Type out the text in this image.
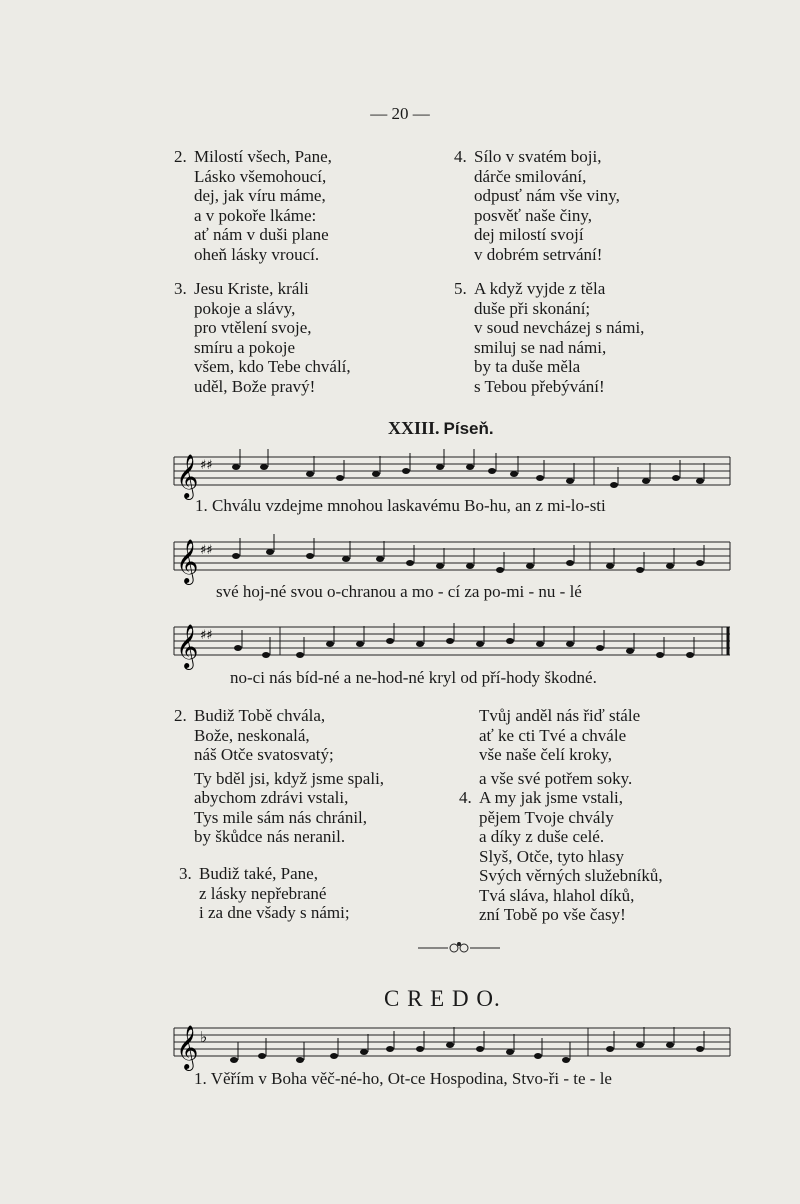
— 20 —
2. Milostí všech, Pane,
Lásko všemohoucí,
dej, jak víru máme,
a v pokoře lkáme:
ať nám v duši plane
oheň lásky vroucí.
4. Sílo v svatém boji,
dárče smilování,
odpusť nám vše viny,
posvěť naše činy,
dej milostí svojí
v dobrém setrvání!
3. Jesu Kriste, králi
pokoje a slávy,
pro vtělení svoje,
smíru a pokoje
všem, kdo Tebe chválí,
uděl, Bože pravý!
5. A když vyjde z těla
duše při skonání;
v soud nevcházej s námi,
smiluj se nad námi,
by ta duše měla
s Tebou přebývání!
XXIII. Píseň.
𝄞 ♯♯
1. Chválu vzdejme mnohou laskavému Bo-hu, an z mi-lo-sti
𝄞 ♯♯
své hoj-né svou o-chranou a mo - cí za po-mi - nu - lé
𝄞 ♯♯
no-ci nás bíd-né a ne-hod-né kryl od pří-hody škodné.
2. Budiž Tobě chvála,
Bože, neskonalá,
náš Otče svatosvatý;
Ty bděl jsi, když jsme spali,
abychom zdrávi vstali,
Tys mile sám nás chránil,
by škůdce nás neranil.
Tvůj anděl nás řiď stále
ať ke cti Tvé a chvále
vše naše čelí kroky,
a vše své potřem soky.
4. A my jak jsme vstali,
pějem Tvoje chvály
a díky z duše celé.
Slyš, Otče, tyto hlasy
Svých věrných služebníků,
Tvá sláva, hlahol díků,
zní Tobě po vše časy!
3. Budiž také, Pane,
z lásky nepřebrané
i za dne všady s námi;
C R E D O.
𝄞 ♭
1. Věřím v Boha věč-né-ho, Ot-ce Hospodina, Stvo-ři - te - le
